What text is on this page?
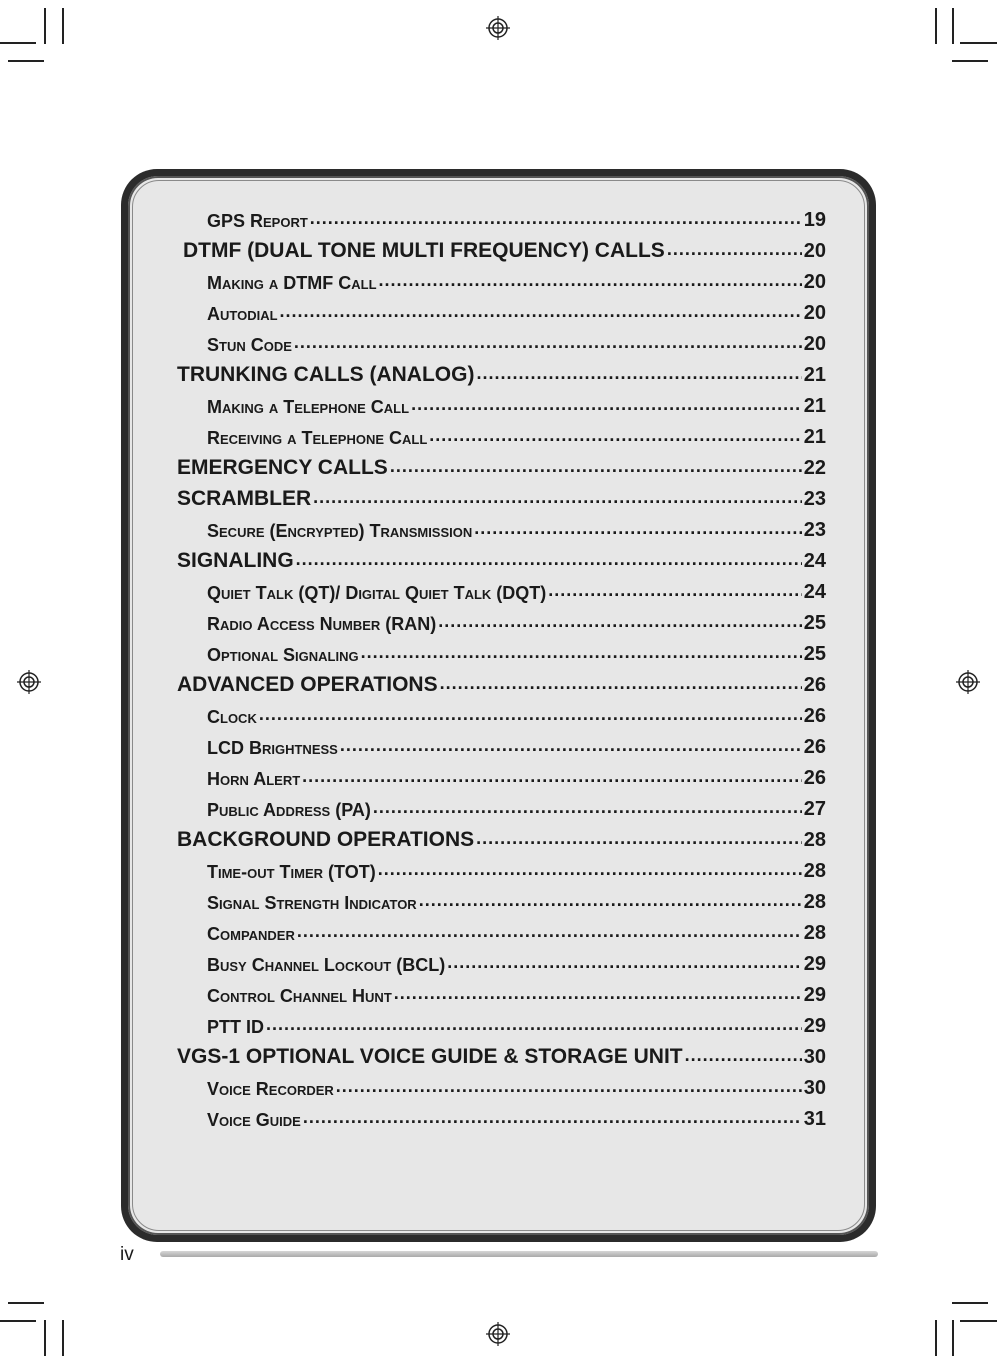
GPS Report .....	19
DTMF (DUAL TONE MULTI FREQUENCY) CALLS .....	20
Making a DTMF Call .....	20
Autodial .....	20
Stun Code .....	20
TRUNKING CALLS (ANALOG) .....	21
Making a Telephone Call .....	21
Receiving a Telephone Call .....	21
EMERGENCY CALLS .....	22
SCRAMBLER .....	23
Secure (Encrypted) Transmission .....	23
SIGNALING .....	24
Quiet Talk (QT)/ Digital Quiet Talk (DQT) .....	24
Radio Access Number (RAN) .....	25
Optional Signaling .....	25
ADVANCED OPERATIONS .....	26
Clock .....	26
LCD Brightness .....	26
Horn Alert .....	26
Public Address (PA) .....	27
BACKGROUND OPERATIONS .....	28
Time-out Timer (TOT) .....	28
Signal Strength Indicator .....	28
Compander .....	28
Busy Channel Lockout (BCL) .....	29
Control Channel Hunt .....	29
PTT ID .....	29
VGS-1 OPTIONAL VOICE GUIDE & STORAGE UNIT .....	30
Voice Recorder .....	30
Voice Guide .....	31
iv
